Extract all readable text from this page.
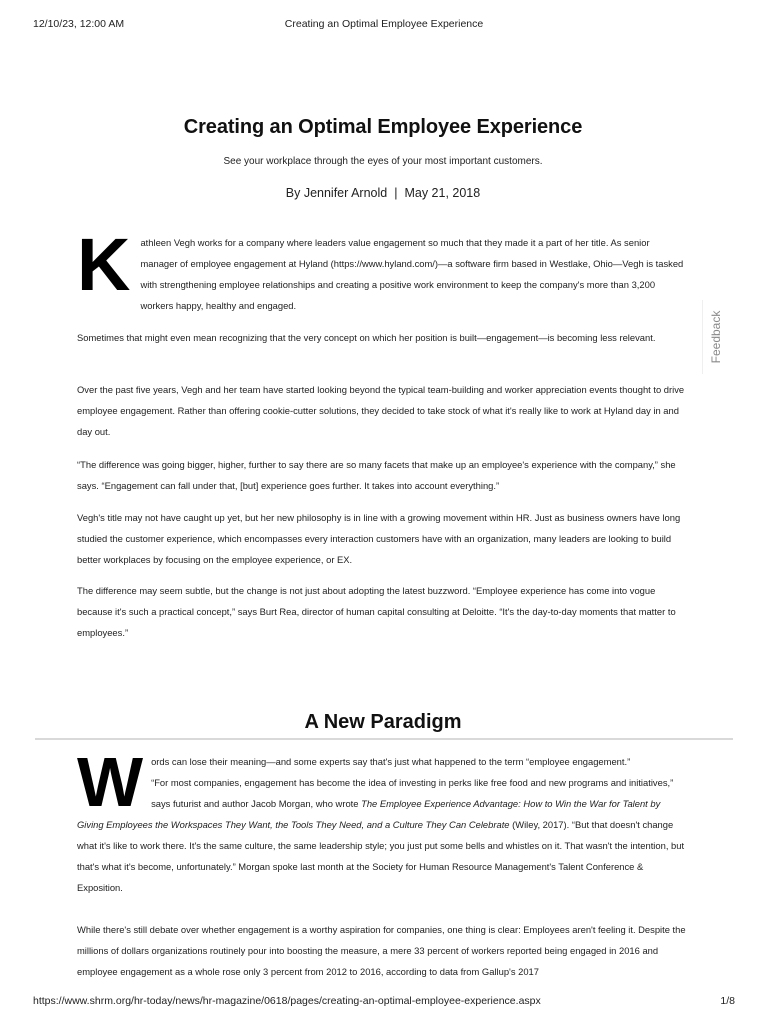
12/10/23, 12:00 AM	Creating an Optimal Employee Experience
Creating an Optimal Employee Experience
See your workplace through the eyes of your most important customers.
By Jennifer Arnold | May 21, 2018

K athleen Vegh works for a company where leaders value engagement so much that they made it a part of her title. As senior manager of employee engagement at Hyland (https://www.hyland.com/)—a software firm based in Westlake, Ohio—Vegh is tasked with strengthening employee relationships and creating a positive work environment to keep the company's more than 3,200 workers happy, healthy and engaged.

Sometimes that might even mean recognizing that the very concept on which her position is built—engagement—is becoming less relevant.

Over the past five years, Vegh and her team have started looking beyond the typical team-building and worker appreciation events thought to drive employee engagement. Rather than offering cookie-cutter solutions, they decided to take stock of what it's really like to work at Hyland day in and day out.

“The difference was going bigger, higher, further to say there are so many facets that make up an employee's experience with the company,” she says. “Engagement can fall under that, [but] experience goes further. It takes into account everything.”

Vegh's title may not have caught up yet, but her new philosophy is in line with a growing movement within HR. Just as business owners have long studied the customer experience, which encompasses every interaction customers have with an organization, many leaders are looking to build better workplaces by focusing on the employee experience, or EX.

The difference may seem subtle, but the change is not just about adopting the latest buzzword. “Employee experience has come into vogue because it's such a practical concept,” says Burt Rea, director of human capital consulting at Deloitte. “It's the day-to-day moments that matter to employees.”

A New Paradigm

Words can lose their meaning—and some experts say that's just what happened to the term “employee engagement.”
“For most companies, engagement has become the idea of investing in perks like free food and new programs and initiatives,” says futurist and author Jacob Morgan, who wrote The Employee Experience Advantage: How to Win the War for Talent by Giving Employees the Workspaces They Want, the Tools They Need, and a Culture They Can Celebrate (Wiley, 2017). “But that doesn't change what it's like to work there. It's the same culture, the same leadership style; you just put some bells and whistles on it. That wasn't the intention, but that's what it's become, unfortunately.” Morgan spoke last month at the Society for Human Resource Management's Talent Conference & Exposition.

While there's still debate over whether engagement is a worthy aspiration for companies, one thing is clear: Employees aren't feeling it. Despite the millions of dollars organizations routinely pour into boosting the measure, a mere 33 percent of workers reported being engaged in 2016 and employee engagement as a whole rose only 3 percent from 2012 to 2016, according to data from Gallup's 2017

Feedback
https://www.shrm.org/hr-today/news/hr-magazine/0618/pages/creating-an-optimal-employee-experience.aspx	1/8
